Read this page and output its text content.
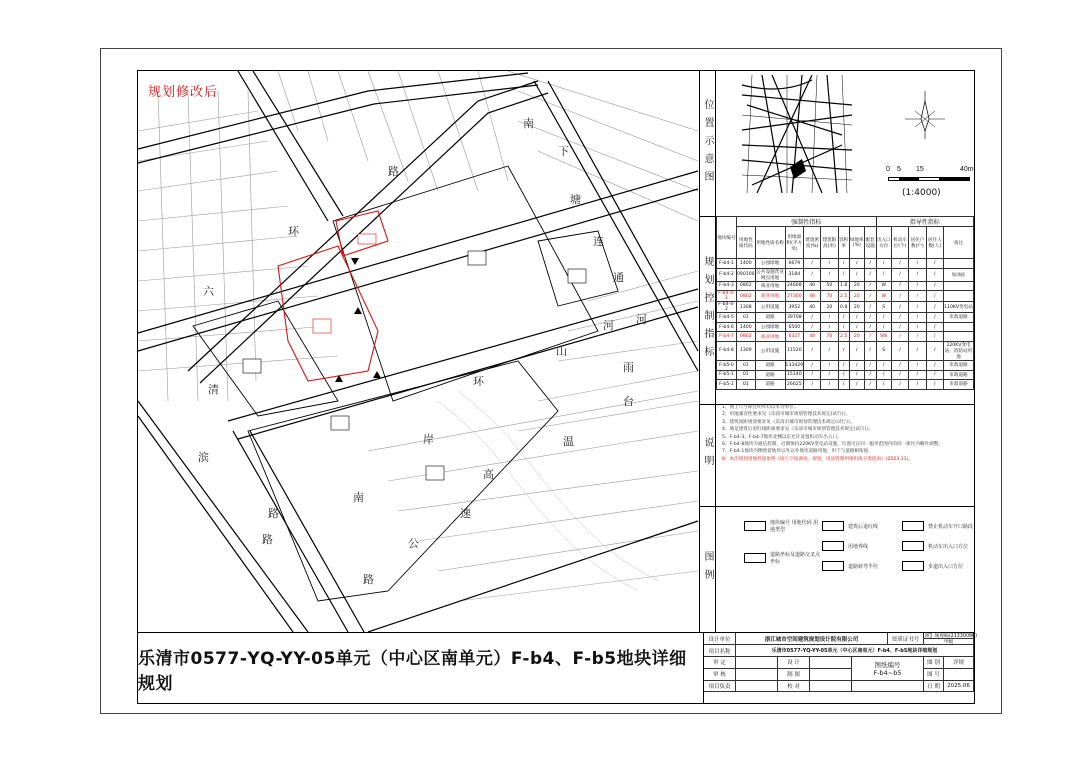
规划修改后
南
下
塘
连
通
河
路
环
六
山
河
雨
环
台
岸	温
高
速
南
滨
路
公
路
路
清
位置示意图	0 5 15	40m
(1:4000)
规划控制指标
地块编号	强制性指标								指导性指标				
	用地性质代码	用地性质名称	用地面积(平方米)	建筑密度(%)	建筑限高(米)	容积率	绿地率(%)	配套设施	出入口方位	机动车位(个)	居住户数(户)	居住人数(人)	备注
F-b4-1	1400	公园绿地	6679	/	/	/	/	/	/	/	/	/	
F-b4-2	090100	公共设施营业网点用地	3184	/	/	/	/	/	/	/	/	/	加油站
F-b4-3	0802	商业用地	24608	40	50	1.8	20	/	W	/	/	/	
F-b4-4-1	0802	商业用地	27300	40	70	2.5	20	/	W	/	/	/	
F-b4-4-2	1308	公用设施	3952	40	20	0.8	20	/	S	/	/	/	110KV变电站
F-b4-5	01	道路	39708	/	/	/	/	/	/	/	/	/	市政道路
F-b4-6	1400	公园绿地	6500	/	/	/	/	/	/	/	/	/	
F-b4-7	0802	商业用地	6327	40	70	2.5	20	/	SW	/	/	/	
F-b4-8	1309	公用设施	11520	/	/	/	/	/	S	/	/	/	220KV变电站，消防站用地
F-b5-0	01	道路	133429	/	/	/	/	/	/	/	/	/	市政道路
F-b5-1	01	道路	15140	/	/	/	/	/	/	/	/	/	市政道路
F-b5-2	01	道路	26625	/	/	/	/	/	/	/	/	/	市政道路
说明
1、图上尺寸除注明外均以米为单位。
2、用地兼容性要求见《乐清市城市规划管理技术规定(试行)》。
3、建筑间距规划要求见《乐清市城市规划管理技术规定(试行)》。
4、满足建筑后退红线距离要求见《乐清市城市规划管理技术规定(试行)》。
5、F-b4-3、F-b4-7地块北侧以东允许设置机动车出入口。
6、F-b4-8地块为通信控制，近期保持220KV变电站设施，位置可在同一服务范围内的同一街区内略作调整。
7、F-b4-1地块内侧预留地块以外以外地块道路用地，用于与道路相衔接。
8、本次规划用地性质参照《国土空间调查、规划、用途管制用地用海分类指南》(2023.11)。
图例
地块编号 用地代码 用地类型
建筑后退红线	禁止机动车开口路段
用地界线	机动车出入口方位
道路坐标及道路交叉点坐标
道路转弯半径	步道出入口方位
乐清市0577-YQ-YY-05单元（中心区南单元）F-b4、F-b5地块详细规划
设计单位	浙江城市空间建筑规划设计院有限公司	资质证书号 【浙】城规编(21330086)
甲级
项目名称	乐清市0577-YQ-YY-05单元（中心区南单元）F-b4、F-b5地块详细规划
审 定	设 计	图纸编号
F-b4~b5
图 别	详规
审 核	制 图	图 号
项目负责	校 对	日 期	2025.06
